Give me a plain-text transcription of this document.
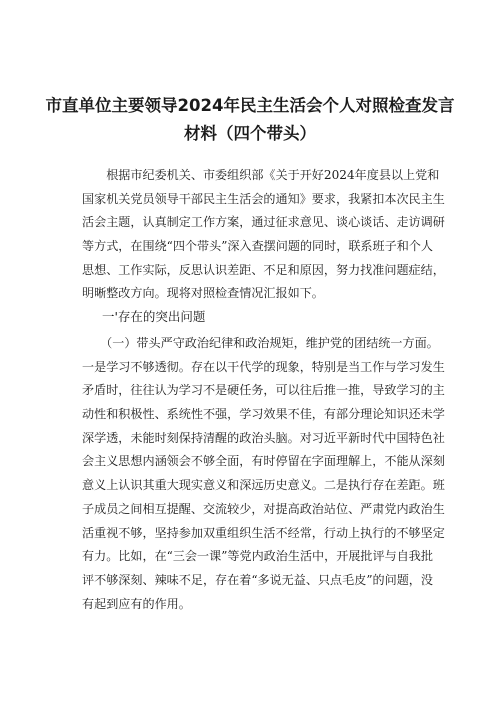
市直单位主要领导2024年民主生活会个人对照检查发言
材料（四个带头）
　　根据市纪委机关、市委组织部《关于开好2024年度县以上党和
国家机关党员领导干部民主生活会的通知》要求，我紧扣本次民主生
活会主题，认真制定工作方案，通过征求意见、谈心谈话、走访调研
等方式，在围绕“四个带头”深入查摆问题的同时，联系班子和个人
思想、工作实际，反思认识差距、不足和原因，努力找准问题症结，
明晰整改方向。现将对照检查情况汇报如下。
一'存在的突出问题
　　（一）带头严守政治纪律和政治规矩，维护党的团结统一方面。
一是学习不够透彻。存在以干代学的现象，特别是当工作与学习发生
矛盾时，往往认为学习不是硬任务，可以往后推一推，导致学习的主
动性和积极性、系统性不强，学习效果不佳，有部分理论知识还未学
深学透，未能时刻保持清醒的政治头脑。对习近平新时代中国特色社
会主义思想内涵领会不够全面，有时停留在字面理解上，不能从深刻
意义上认识其重大现实意义和深远历史意义。二是执行存在差距。班
子成员之间相互提醒、交流较少，对提高政治站位、严肃党内政治生
活重视不够，坚持参加双重组织生活不经常，行动上执行的不够坚定
有力。比如，在“三会一课”等党内政治生活中，开展批评与自我批
评不够深刻、辣味不足，存在着“多说无益、只点毛皮”的问题，没
有起到应有的作用。
